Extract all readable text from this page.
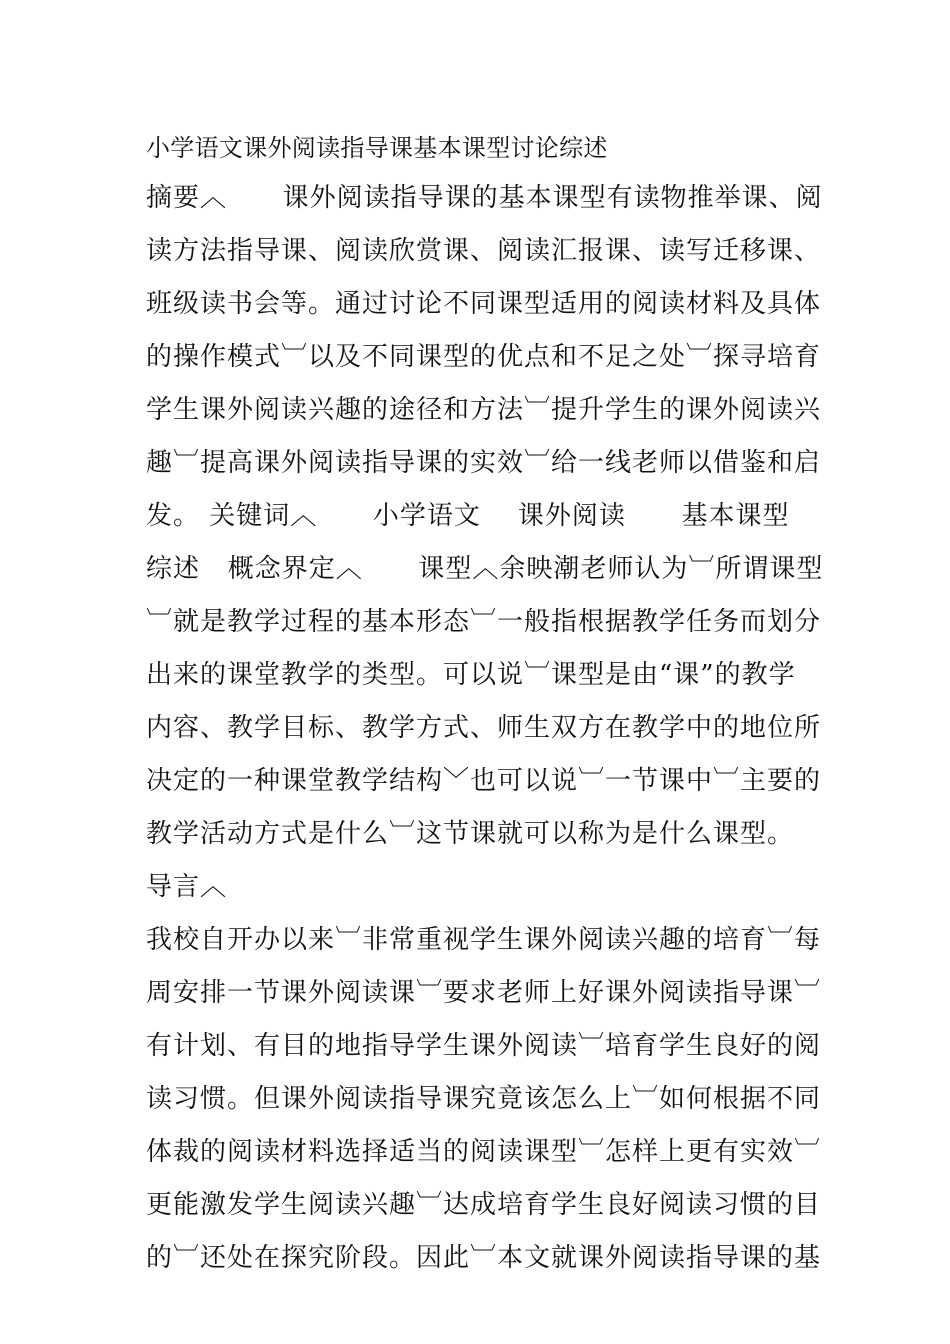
小学语文课外阅读指导课基本课型讨论综述
摘要︿      课外阅读指导课的基本课型有读物推举课、阅
读方法指导课、阅读欣赏课、阅读汇报课、读写迁移课、
班级读书会等。通过讨论不同课型适用的阅读材料及具体
的操作模式︺以及不同课型的优点和不足之处︺探寻培育
学生课外阅读兴趣的途径和方法︺提升学生的课外阅读兴
趣︺提高课外阅读指导课的实效︺给一线老师以借鉴和启
发。 关键词︿      小学语文    课外阅读      基本课型
综述   概念界定︿      课型︿余映潮老师认为︺所谓课型
︺就是教学过程的基本形态︺一般指根据教学任务而划分
出来的课堂教学的类型。可以说︺课型是由“课”的教学
内容、教学目标、教学方式、师生双方在教学中的地位所
决定的一种课堂教学结构﹀也可以说︺一节课中︺主要的
教学活动方式是什么︺这节课就可以称为是什么课型。
导言︿
我校自开办以来︺非常重视学生课外阅读兴趣的培育︺每
周安排一节课外阅读课︺要求老师上好课外阅读指导课︺
有计划、有目的地指导学生课外阅读︺培育学生良好的阅
读习惯。但课外阅读指导课究竟该怎么上︺如何根据不同
体裁的阅读材料选择适当的阅读课型︺怎样上更有实效︺
更能激发学生阅读兴趣︺达成培育学生良好阅读习惯的目
的︺还处在探究阶段。因此︺本文就课外阅读指导课的基
